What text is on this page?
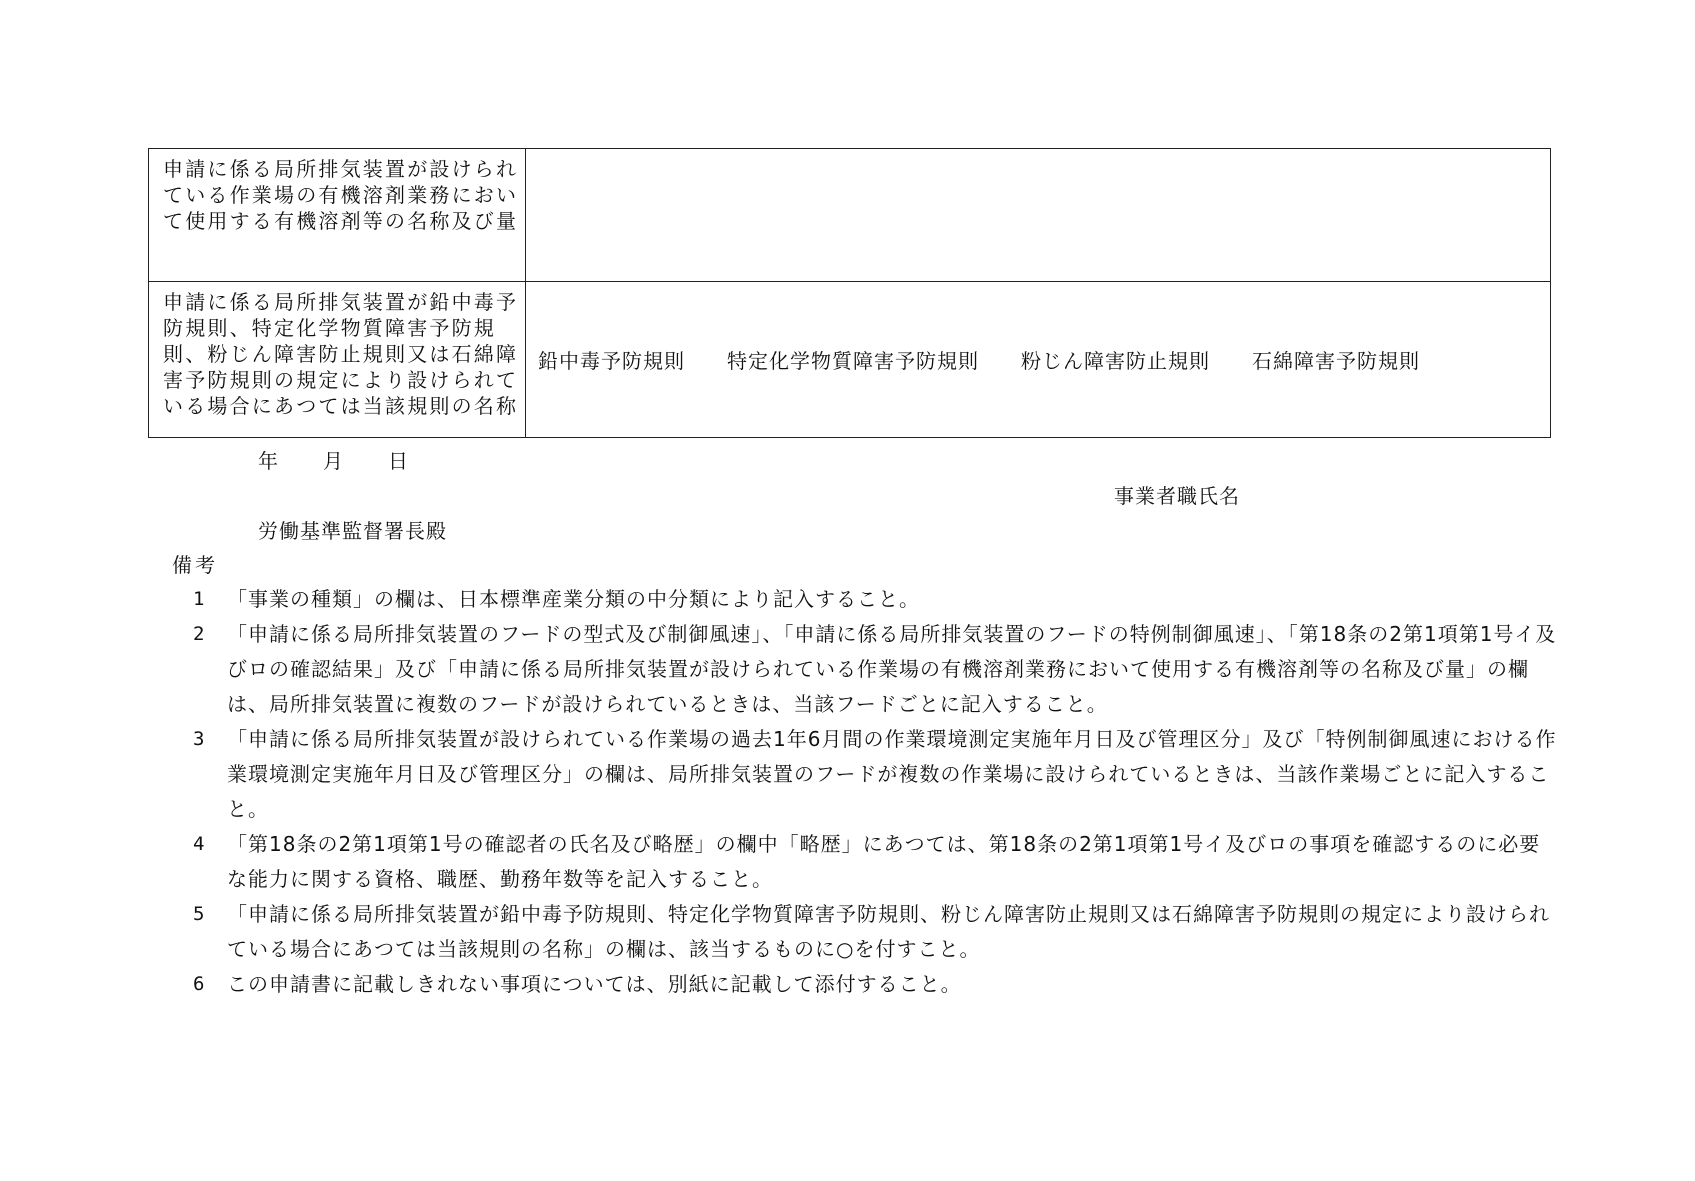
申請に係る局所排気装置が設けられている作業場の有機溶剤業務において使用する有機溶剤等の名称及び量	
申請に係る局所排気装置が鉛中毒予防規則、特定化学物質障害予防規則、粉じん障害防止規則又は石綿障害予防規則の規定により設けられている場合にあつては当該規則の名称	鉛中毒予防規則 特定化学物質障害予防規則 粉じん障害防止規則 石綿障害予防規則
年 月 日
事業者職氏名
労働基準監督署長殿
備考
1	「事業の種類」の欄は、日本標準産業分類の中分類により記入すること。
2	「申請に係る局所排気装置のフードの型式及び制御風速」、「申請に係る局所排気装置のフードの特例制御風速」、「第18条の2第1項第1号イ及びロの確認結果」及び「申請に係る局所排気装置が設けられている作業場の有機溶剤業務において使用する有機溶剤等の名称及び量」の欄は、局所排気装置に複数のフードが設けられているときは、当該フードごとに記入すること。
3	「申請に係る局所排気装置が設けられている作業場の過去1年6月間の作業環境測定実施年月日及び管理区分」及び「特例制御風速における作業環境測定実施年月日及び管理区分」の欄は、局所排気装置のフードが複数の作業場に設けられているときは、当該作業場ごとに記入すること。
4	「第18条の2第1項第1号の確認者の氏名及び略歴」の欄中「略歴」にあつては、第18条の2第1項第1号イ及びロの事項を確認するのに必要な能力に関する資格、職歴、勤務年数等を記入すること。
5	「申請に係る局所排気装置が鉛中毒予防規則、特定化学物質障害予防規則、粉じん障害防止規則又は石綿障害予防規則の規定により設けられている場合にあつては当該規則の名称」の欄は、該当するものに○を付すこと。
6	この申請書に記載しきれない事項については、別紙に記載して添付すること。
